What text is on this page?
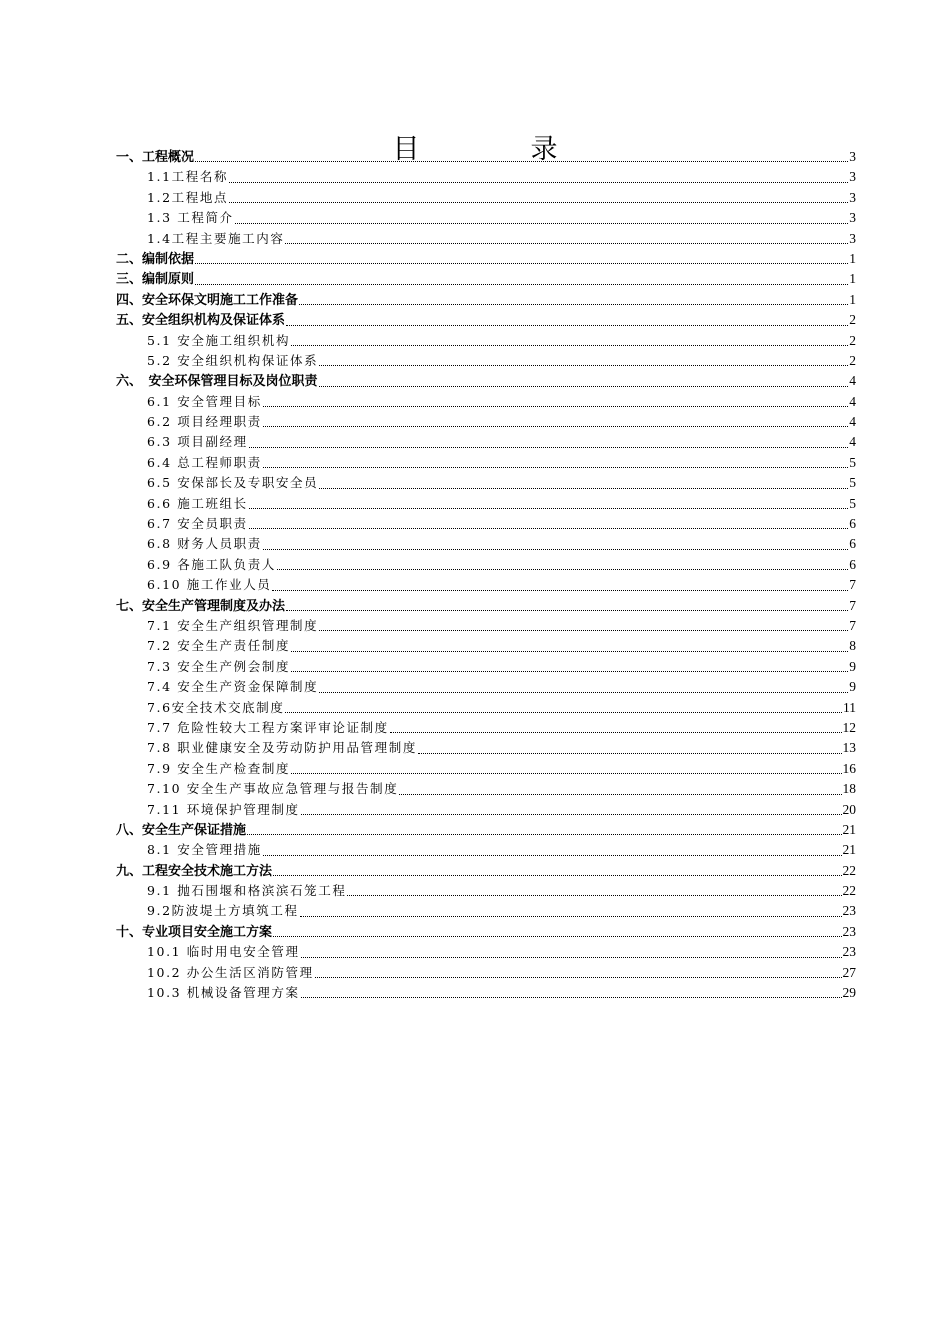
目　录
一、工程概况	3
1.1工程名称	3
1.2工程地点	3
1.3 工程简介	3
1.4工程主要施工内容	3
二、编制依据	1
三、编制原则	1
四、安全环保文明施工工作准备	1
五、安全组织机构及保证体系	2
5.1 安全施工组织机构	2
5.2 安全组织机构保证体系	2
六、　安全环保管理目标及岗位职责	4
6.1 安全管理目标	4
6.2 项目经理职责	4
6.3 项目副经理	4
6.4 总工程师职责	5
6.5 安保部长及专职安全员	5
6.6 施工班组长	5
6.7 安全员职责	6
6.8 财务人员职责	6
6.9 各施工队负责人	6
6.10 施工作业人员	7
七、安全生产管理制度及办法	7
7.1 安全生产组织管理制度	7
7.2 安全生产责任制度	8
7.3 安全生产例会制度	9
7.4 安全生产资金保障制度	9
7.6安全技术交底制度	11
7.7 危险性较大工程方案评审论证制度	12
7.8 职业健康安全及劳动防护用品管理制度	13
7.9 安全生产检查制度	16
7.10 安全生产事故应急管理与报告制度	18
7.11 环境保护管理制度	20
八、安全生产保证措施	21
8.1 安全管理措施	21
九、工程安全技术施工方法	22
9.1 抛石围堰和格滨滨石笼工程	22
9.2防波堤土方填筑工程	23
十、专业项目安全施工方案	23
10.1 临时用电安全管理	23
10.2 办公生活区消防管理	27
10.3 机械设备管理方案	29
